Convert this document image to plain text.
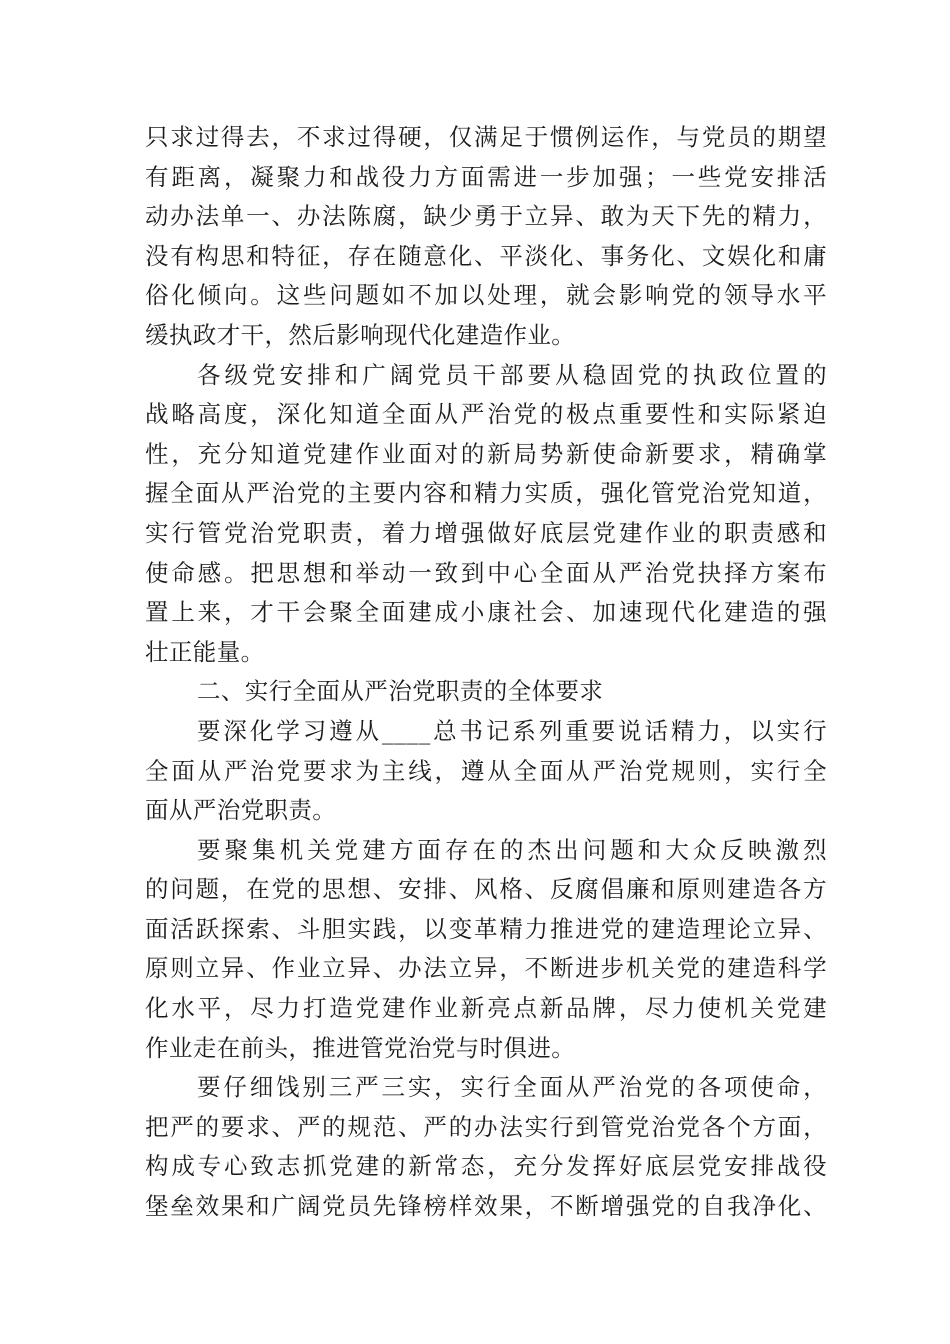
只求过得去，不求过得硬，仅满足于惯例运作，与党员的期望
有距离，凝聚力和战役力方面需进一步加强；一些党安排活
动办法单一、办法陈腐，缺少勇于立异、敢为天下先的精力，
没有构思和特征，存在随意化、平淡化、事务化、文娱化和庸
俗化倾向。这些问题如不加以处理，就会影响党的领导水平
缓执政才干，然后影响现代化建造作业。
各级党安排和广阔党员干部要从稳固党的执政位置的
战略高度，深化知道全面从严治党的极点重要性和实际紧迫
性，充分知道党建作业面对的新局势新使命新要求，精确掌
握全面从严治党的主要内容和精力实质，强化管党治党知道，
实行管党治党职责，着力增强做好底层党建作业的职责感和
使命感。把思想和举动一致到中心全面从严治党抉择方案布
置上来，才干会聚全面建成小康社会、加速现代化建造的强
壮正能量。
二、实行全面从严治党职责的全体要求
要深化学习遵从____总书记系列重要说话精力，以实行
全面从严治党要求为主线，遵从全面从严治党规则，实行全
面从严治党职责。
要聚集机关党建方面存在的杰出问题和大众反映激烈
的问题，在党的思想、安排、风格、反腐倡廉和原则建造各方
面活跃探索、斗胆实践，以变革精力推进党的建造理论立异、
原则立异、作业立异、办法立异，不断进步机关党的建造科学
化水平，尽力打造党建作业新亮点新品牌，尽力使机关党建
作业走在前头，推进管党治党与时俱进。
要仔细饯别三严三实，实行全面从严治党的各项使命，
把严的要求、严的规范、严的办法实行到管党治党各个方面，
构成专心致志抓党建的新常态，充分发挥好底层党安排战役
堡垒效果和广阔党员先锋榜样效果，不断增强党的自我净化、
